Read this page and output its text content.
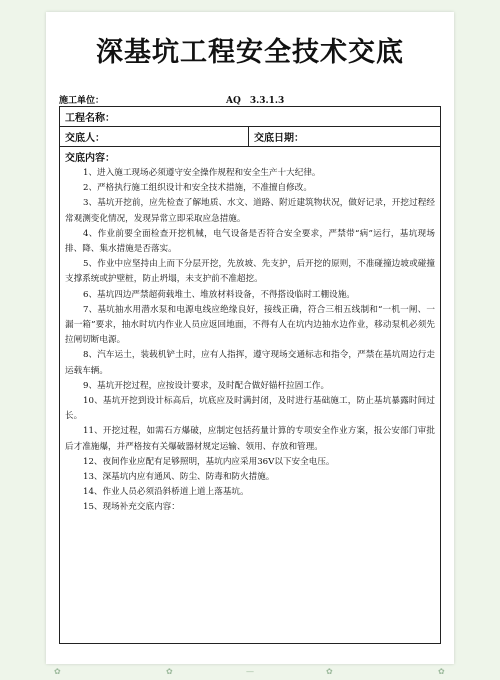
深基坑工程安全技术交底
施工单位：	AQ　3.3.1.3
工程名称：
交底人：	交底日期：

交底内容：

1、进入施工现场必须遵守安全操作规程和安全生产十大纪律。

2、严格执行施工组织设计和安全技术措施，不准擅自修改。

3、基坑开挖前，应先检查了解地质、水文、道路、附近建筑物状况，做好记录，开挖过程经常观测变化情况，发现异常立即采取应急措施。

4、作业前要全面检查开挖机械，电气设备是否符合安全要求，严禁带“病”运行，基坑现场排、降、集水措施是否落实。

5、作业中应坚持由上而下分层开挖，先放坡、先支护，后开挖的原则，不准碰撞边坡或碰撞支撑系统或护壁桩，防止坍塌，未支护前不准超挖。

6、基坑四边严禁超荷载堆土、堆放材料设备，不得搭设临时工棚设施。

7、基坑抽水用潜水泵和电源电线应绝缘良好，接线正确，符合三相五线制和“一机一闸、一漏一箱”要求，抽水时坑内作业人员应返回地面，不得有人在坑内边抽水边作业，移动泵机必须先拉闸切断电源。

8、汽车运土，装载机铲土时，应有人指挥，遵守现场交通标志和指令，严禁在基坑周边行走运载车辆。

9、基坑开挖过程，应按设计要求，及时配合做好锚杆拉固工作。

10、基坑开挖到设计标高后，坑底应及时满封闭，及时进行基础施工，防止基坑暴露时间过长。

11、开挖过程，如需石方爆破，应制定包括药量计算的专项安全作业方案，报公安部门审批后才准施爆，并严格按有关爆破器材规定运输、领用、存放和管理。

12、夜间作业应配有足够照明，基坑内应采用36V以下安全电压。

13、深基坑内应有通风、防尘、防毒和防火措施。

14、作业人员必须沿斜桥道上道上落基坑。

15、现场补充交底内容：

✿	✿	—	✿	✿
